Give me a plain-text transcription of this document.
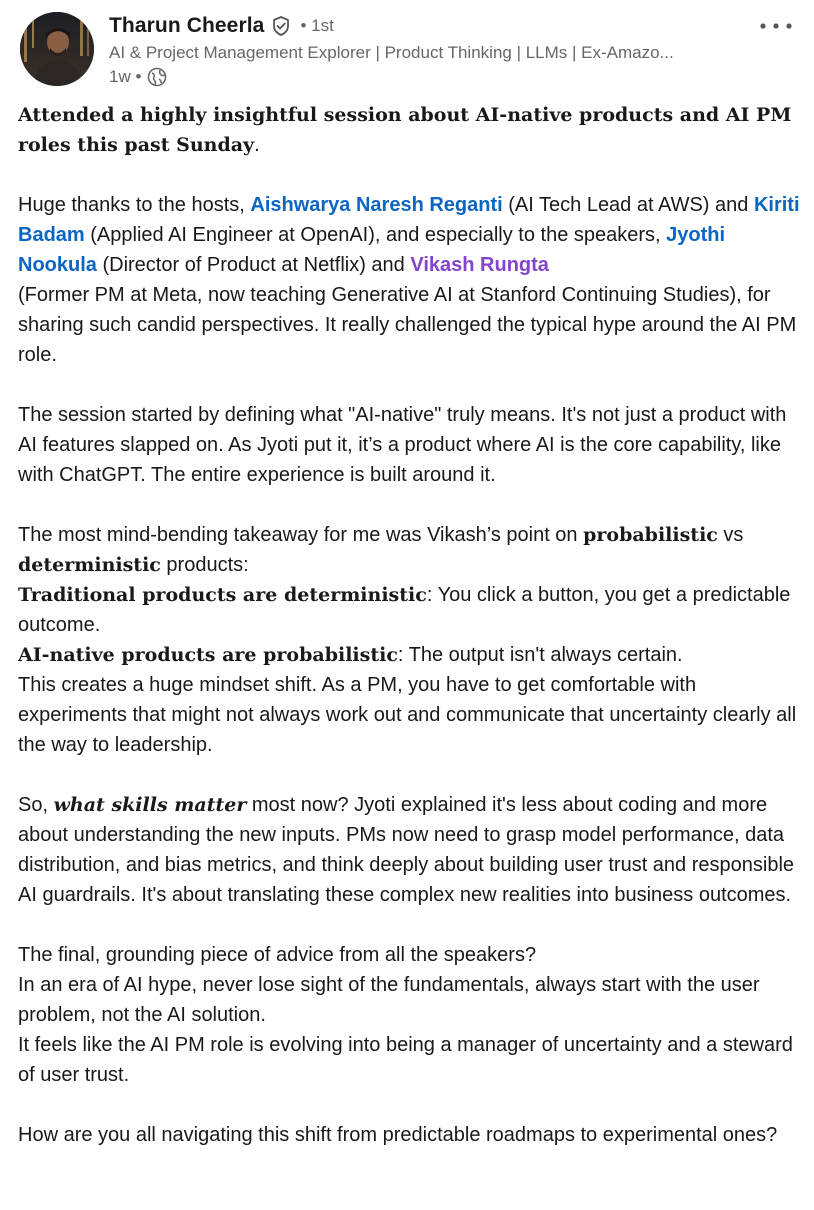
Tharun Cheerla • 1st
AI & Project Management Explorer | Product Thinking | LLMs | Ex-Amazo...
1w •

Attended a highly insightful session about AI-native products and AI PM roles this past Sunday.

Huge thanks to the hosts, Aishwarya Naresh Reganti (AI Tech Lead at AWS) and Kiriti Badam (Applied AI Engineer at OpenAI), and especially to the speakers, Jyothi Nookula (Director of Product at Netflix) and Vikash Rungta
(Former PM at Meta, now teaching Generative AI at Stanford Continuing Studies), for sharing such candid perspectives. It really challenged the typical hype around the AI PM role.

The session started by defining what "AI-native" truly means. It's not just a product with AI features slapped on. As Jyoti put it, it’s a product where AI is the core capability, like with ChatGPT. The entire experience is built around it.

The most mind-bending takeaway for me was Vikash’s point on probabilistic vs
deterministic products:
Traditional products are deterministic: You click a button, you get a predictable outcome.
AI-native products are probabilistic: The output isn't always certain.
This creates a huge mindset shift. As a PM, you have to get comfortable with experiments that might not always work out and communicate that uncertainty clearly all the way to leadership.

So, what skills matter most now? Jyoti explained it's less about coding and more about understanding the new inputs. PMs now need to grasp model performance, data distribution, and bias metrics, and think deeply about building user trust and responsible AI guardrails. It's about translating these complex new realities into business outcomes.

The final, grounding piece of advice from all the speakers?
In an era of AI hype, never lose sight of the fundamentals, always start with the user problem, not the AI solution.
It feels like the AI PM role is evolving into being a manager of uncertainty and a steward of user trust.

How are you all navigating this shift from predictable roadmaps to experimental ones?
